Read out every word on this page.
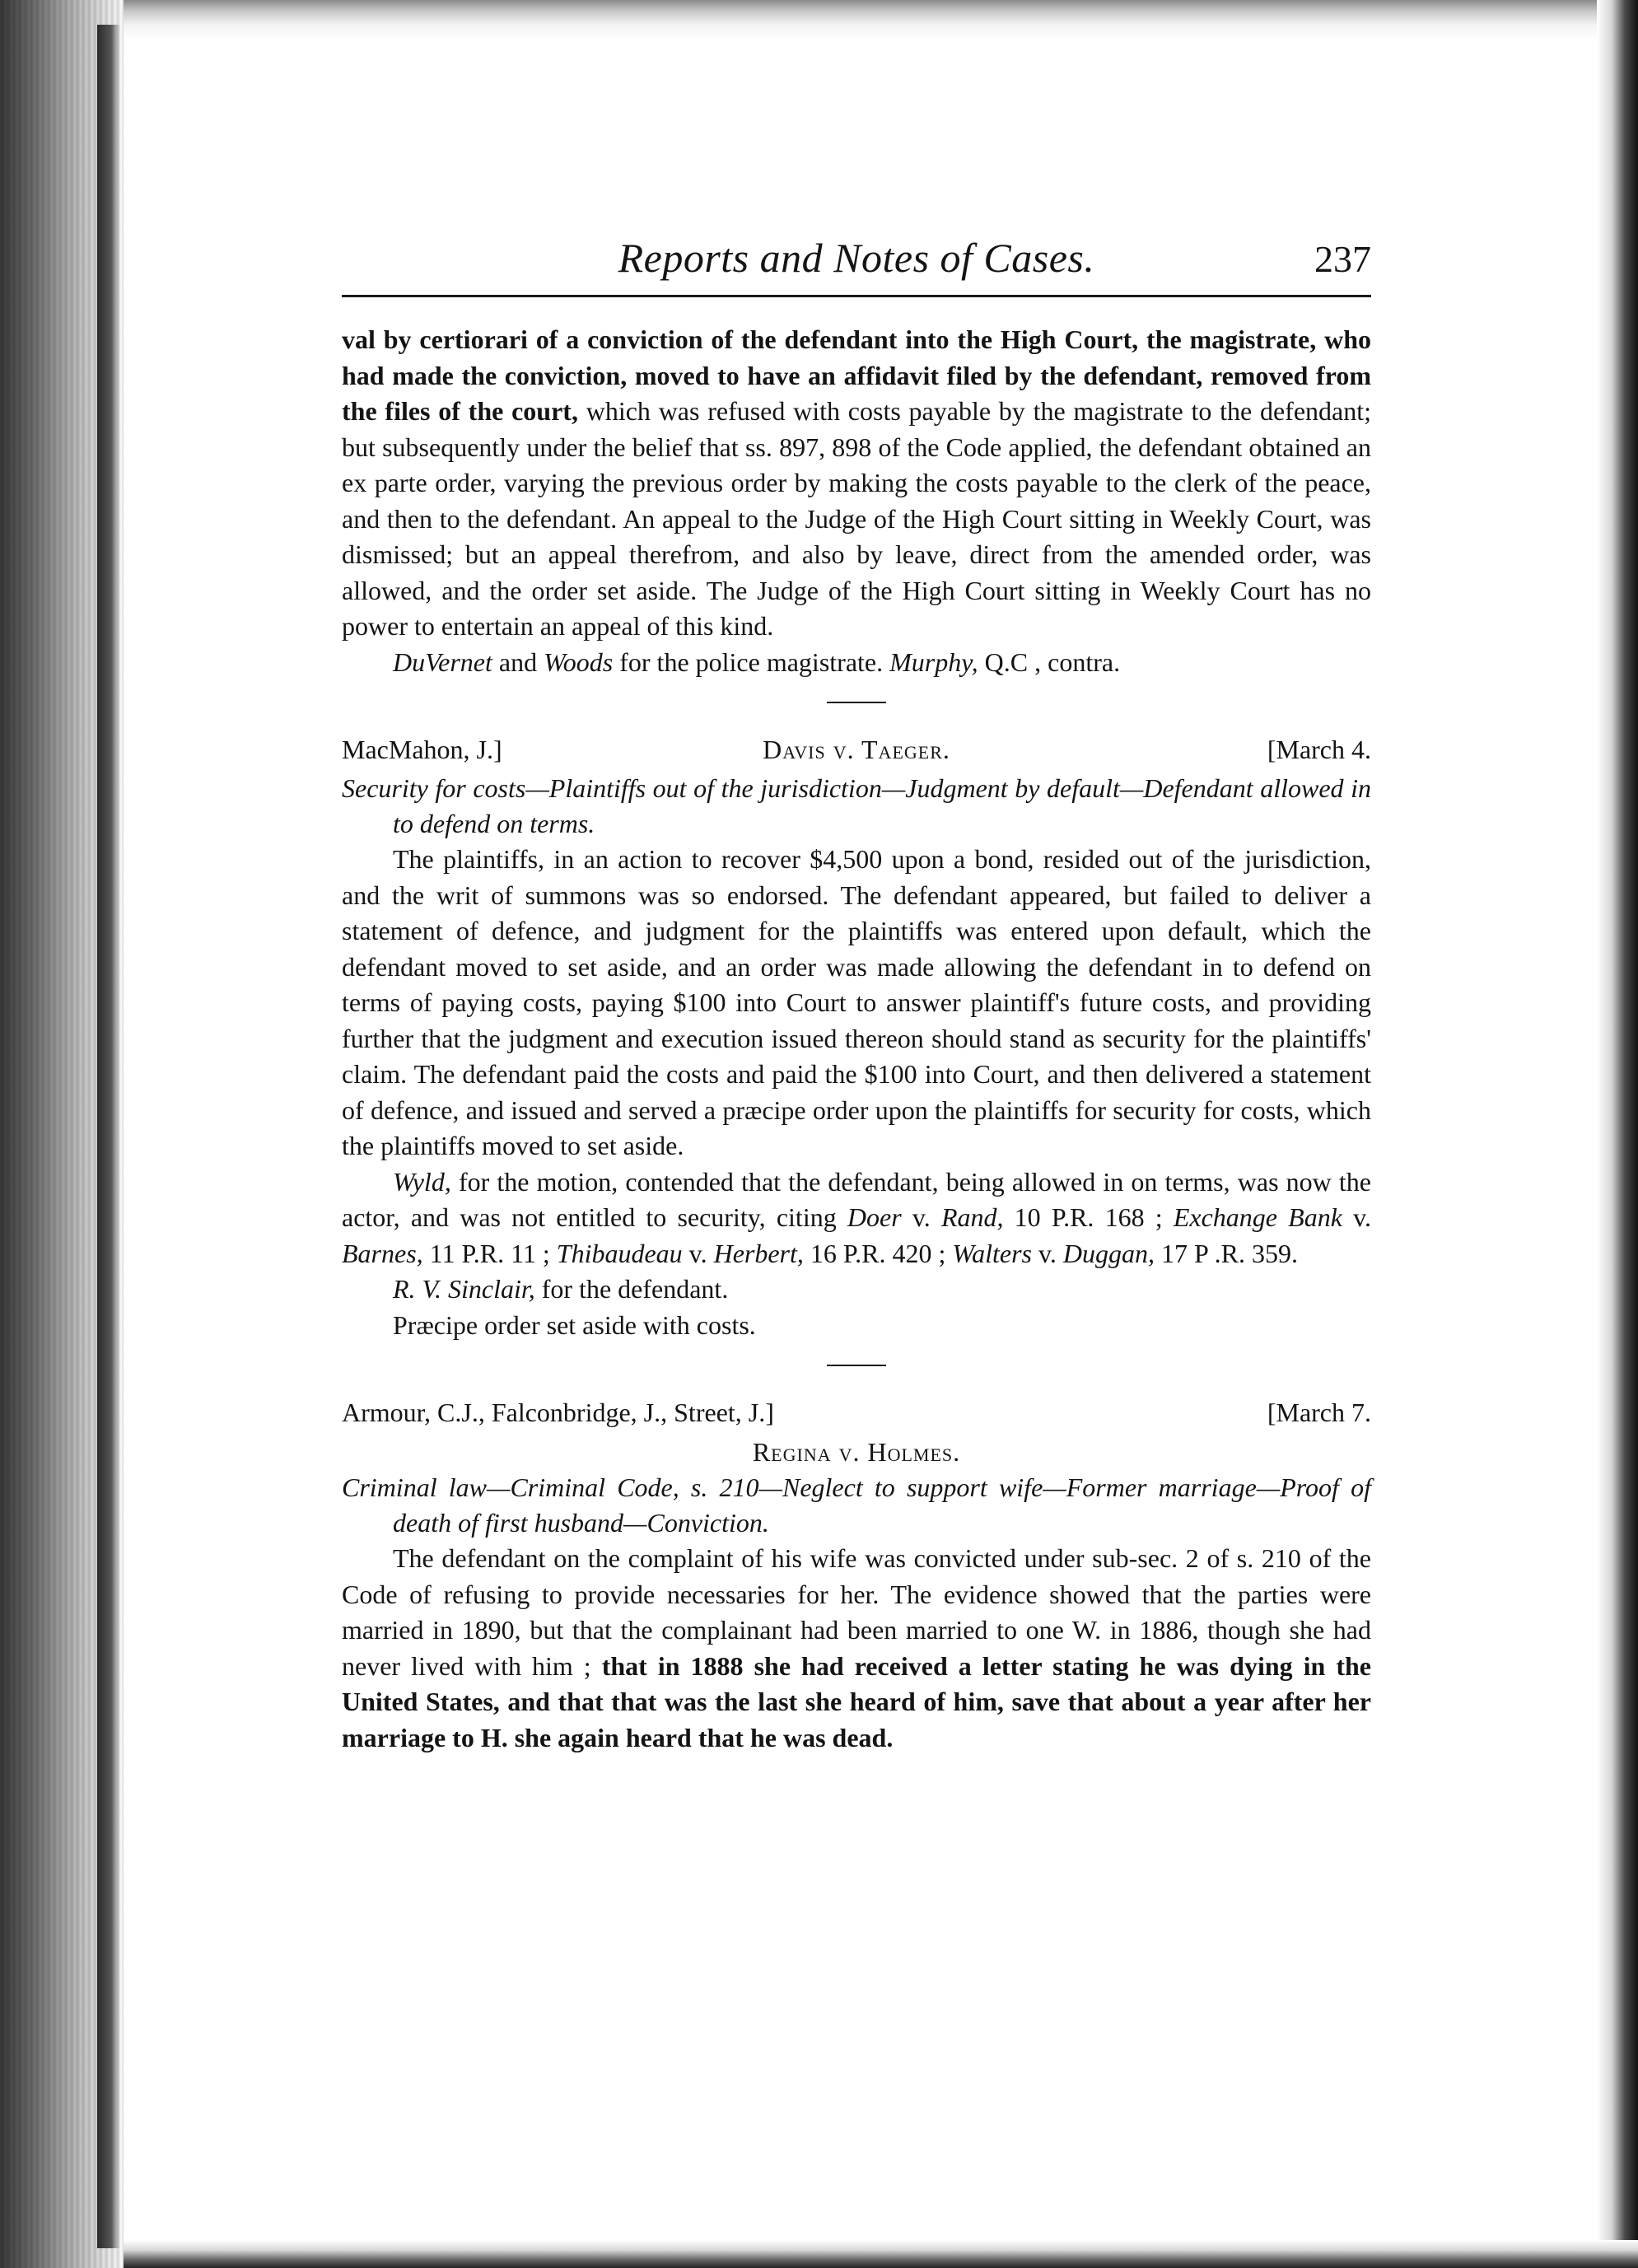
Reports and Notes of Cases.	237

val by certiorari of a conviction of the defendant into the High Court, the magistrate, who had made the conviction, moved to have an affidavit filed by the defendant, removed from the files of the court, which was refused with costs payable by the magistrate to the defendant; but subsequently under the belief that ss. 897, 898 of the Code applied, the defendant obtained an ex parte order, varying the previous order by making the costs payable to the clerk of the peace, and then to the defendant. An appeal to the Judge of the High Court sitting in Weekly Court, was dismissed; but an appeal therefrom, and also by leave, direct from the amended order, was allowed, and the order set aside. The Judge of the High Court sitting in Weekly Court has no power to entertain an appeal of this kind.

DuVernet and Woods for the police magistrate. Murphy, Q.C , contra.

MacMahon, J.]	Davis v. Taeger.	[March 4.

Security for costs—Plaintiffs out of the jurisdiction—Judgment by default—Defendant allowed in to defend on terms.

The plaintiffs, in an action to recover $4,500 upon a bond, resided out of the jurisdiction, and the writ of summons was so endorsed. The defendant appeared, but failed to deliver a statement of defence, and judgment for the plaintiffs was entered upon default, which the defendant moved to set aside, and an order was made allowing the defendant in to defend on terms of paying costs, paying $100 into Court to answer plaintiff's future costs, and providing further that the judgment and execution issued thereon should stand as security for the plaintiffs' claim. The defendant paid the costs and paid the $100 into Court, and then delivered a statement of defence, and issued and served a præcipe order upon the plaintiffs for security for costs, which the plaintiffs moved to set aside.

Wyld, for the motion, contended that the defendant, being allowed in on terms, was now the actor, and was not entitled to security, citing Doer v. Rand, 10 P.R. 168 ; Exchange Bank v. Barnes, 11 P.R. 11 ; Thibaudeau v. Herbert, 16 P.R. 420 ; Walters v. Duggan, 17 P .R. 359.

R. V. Sinclair, for the defendant.

Præcipe order set aside with costs.

Armour, C.J., Falconbridge, J., Street, J.]	[March 7.
Regina v. Holmes.

Criminal law—Criminal Code, s. 210—Neglect to support wife—Former marriage—Proof of death of first husband—Conviction.

The defendant on the complaint of his wife was convicted under sub-sec. 2 of s. 210 of the Code of refusing to provide necessaries for her. The evidence showed that the parties were married in 1890, but that the complainant had been married to one W. in 1886, though she had never lived with him ; that in 1888 she had received a letter stating he was dying in the United States, and that that was the last she heard of him, save that about a year after her marriage to H. she again heard that he was dead.
